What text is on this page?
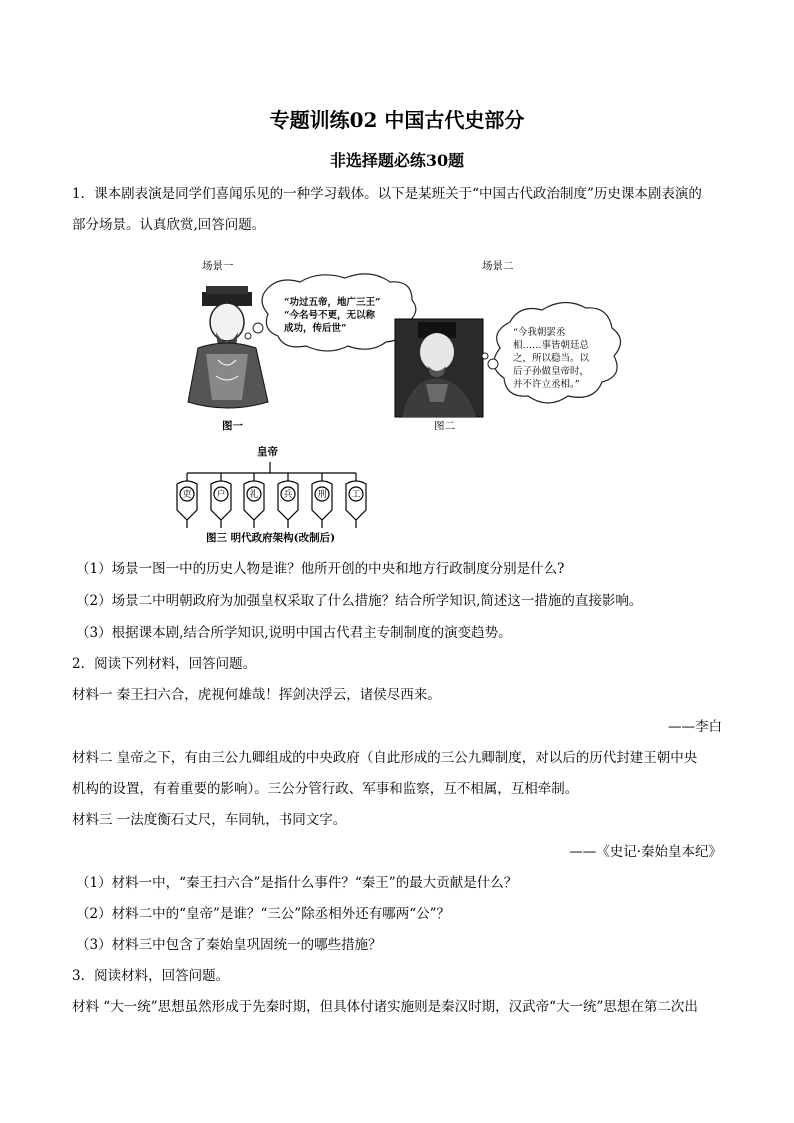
专题训练02 中国古代史部分
非选择题必练30题
1．课本剧表演是同学们喜闻乐见的一种学习载体。以下是某班关于“中国古代政治制度”历史课本剧表演的
部分场景。认真欣赏,回答问题。
场景一	场景二
吏	户	礼	兵	刑	工
“功过五帝，地广三王”
“今名号不更，无以称
成功，传后世”	“今我朝罢丞
相……事皆朝廷总
之，所以稳当。以
后子孙做皇帝时，
并不许立丞相。”
图一	图二
皇帝
图三 明代政府架构(改制后)
（1）场景一图一中的历史人物是谁？他所开创的中央和地方行政制度分别是什么?
（2）场景二中明朝政府为加强皇权采取了什么措施？结合所学知识,简述这一措施的直接影响。
（3）根据课本剧,结合所学知识,说明中国古代君主专制制度的演变趋势。
2．阅读下列材料，回答问题。
材料一 秦王扫六合，虎视何雄哉！挥剑决浮云，诸侯尽西来。
——李白
材料二 皇帝之下，有由三公九卿组成的中央政府（自此形成的三公九卿制度，对以后的历代封建王朝中央
机构的设置，有着重要的影响）。三公分管行政、军事和监察，互不相属，互相牵制。
材料三 一法度衡石丈尺，车同轨，书同文字。
——《史记·秦始皇本纪》
（1）材料一中，“秦王扫六合”是指什么事件？“秦王”的最大贡献是什么？
（2）材料二中的“皇帝”是谁？“三公”除丞相外还有哪两“公”？
（3）材料三中包含了秦始皇巩固统一的哪些措施？
3．阅读材料，回答问题。
材料 “大一统”思想虽然形成于先秦时期，但具体付诸实施则是秦汉时期，汉武帝“大一统”思想在第二次出
